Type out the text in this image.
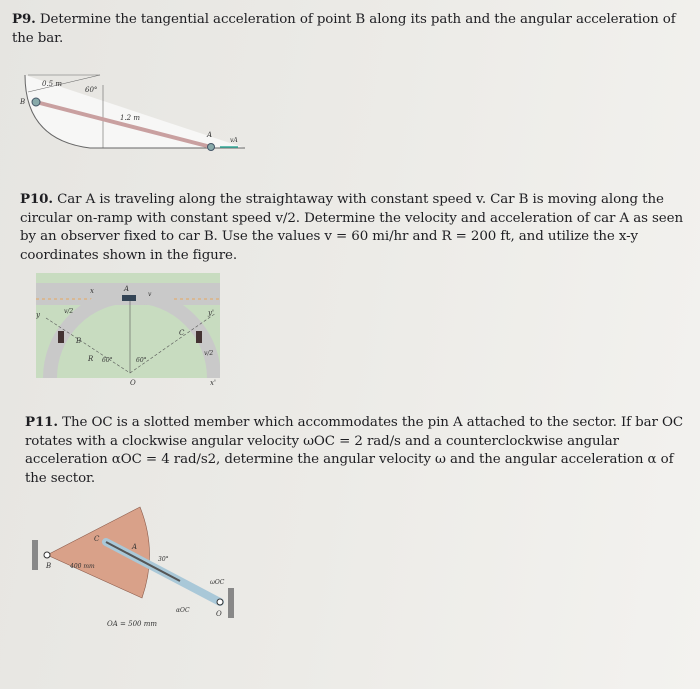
P9. Determine the tangential acceleration of point B along its path and the angular acceleration of the bar.
0.5 m
60°
1.2 m
B
A
vA
P10. Car A is traveling along the straightaway with constant speed v. Car B is moving along the circular on-ramp with constant speed v/2. Determine the velocity and acceleration of car A as seen by an observer fixed to car B. Use the values v = 60 mi/hr and R = 200 ft, and utilize the x-y coordinates shown in the figure.
A
v
B
C
O
R 60°	60°
x
y
x'
y'
v/2
v/2
P11. The OC is a slotted member which accommodates the pin A attached to the sector. If bar OC rotates with a clockwise angular velocity ωOC = 2 rad/s and a counterclockwise angular acceleration αOC = 4 rad/s2, determine the angular velocity ω and the angular acceleration α of the sector.
B
C
A
O
400 mm
30°
ωOC
αOC
OA = 500 mm
